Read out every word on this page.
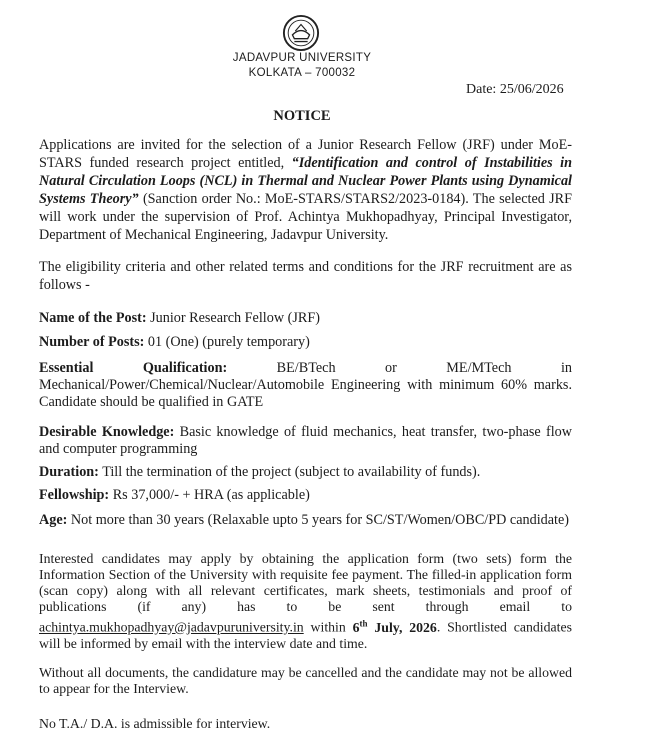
JADAVPUR UNIVERSITY
KOLKATA – 700032
Date: 25/06/2026
NOTICE
Applications are invited for the selection of a Junior Research Fellow (JRF) under MoE-STARS funded research project entitled, “Identification and control of Instabilities in Natural Circulation Loops (NCL) in Thermal and Nuclear Power Plants using Dynamical Systems Theory” (Sanction order No.: MoE-STARS/STARS2/2023-0184). The selected JRF will work under the supervision of Prof. Achintya Mukhopadhyay, Principal Investigator, Department of Mechanical Engineering, Jadavpur University.
The eligibility criteria and other related terms and conditions for the JRF recruitment are as follows -
Name of the Post: Junior Research Fellow (JRF)
Number of Posts: 01 (One) (purely temporary)
Essential	Qualification:	BE/BTech	or	ME/MTech	in
Mechanical/Power/Chemical/Nuclear/Automobile Engineering with minimum 60% marks. Candidate should be qualified in GATE
Desirable Knowledge: Basic knowledge of fluid mechanics, heat transfer, two-phase flow and computer programming
Duration: Till the termination of the project (subject to availability of funds).
Fellowship: Rs 37,000/- + HRA (as applicable)
Age: Not more than 30 years (Relaxable upto 5 years for SC/ST/Women/OBC/PD candidate)
Interested candidates may apply by obtaining the application form (two sets) form the Information Section of the University with requisite fee payment. The filled-in application form (scan copy) along with all relevant certificates, mark sheets, testimonials and proof of publications (if any) has to be sent through email to achintya.mukhopadhyay@jadavpuruniversity.in within 6th July, 2026. Shortlisted candidates will be informed by email with the interview date and time.
Without all documents, the candidature may be cancelled and the candidate may not be allowed to appear for the Interview.
No T.A./ D.A. is admissible for interview.
